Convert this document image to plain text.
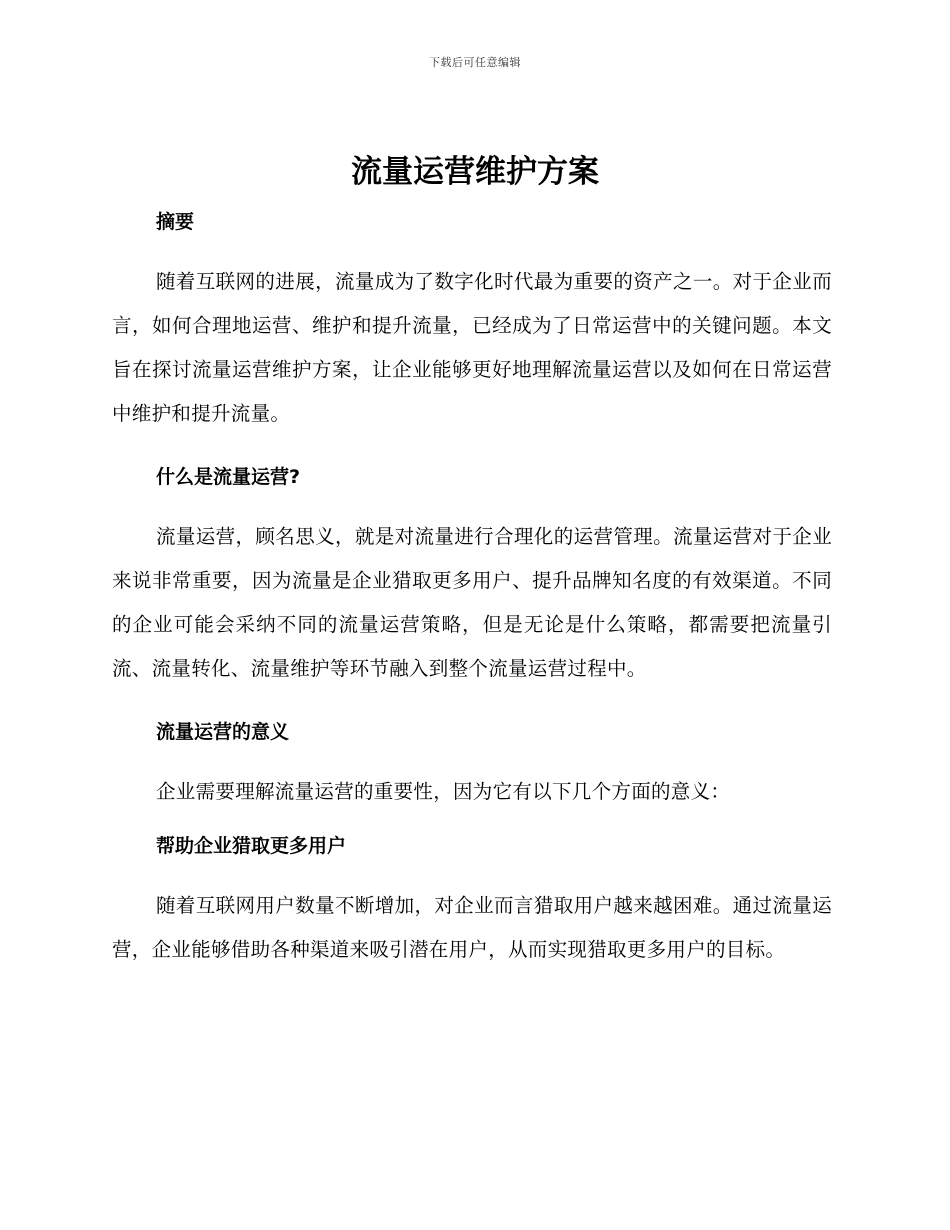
下载后可任意编辑
流量运营维护方案
摘要

随着互联网的进展，流量成为了数字化时代最为重要的资产之一。对于企业而言，如何合理地运营、维护和提升流量，已经成为了日常运营中的关键问题。本文旨在探讨流量运营维护方案，让企业能够更好地理解流量运营以及如何在日常运营中维护和提升流量。

什么是流量运营?

流量运营，顾名思义，就是对流量进行合理化的运营管理。流量运营对于企业来说非常重要，因为流量是企业猎取更多用户、提升品牌知名度的有效渠道。不同的企业可能会采纳不同的流量运营策略，但是无论是什么策略，都需要把流量引流、流量转化、流量维护等环节融入到整个流量运营过程中。

流量运营的意义

企业需要理解流量运营的重要性，因为它有以下几个方面的意义：

帮助企业猎取更多用户

随着互联网用户数量不断增加，对企业而言猎取用户越来越困难。通过流量运营，企业能够借助各种渠道来吸引潜在用户，从而实现猎取更多用户的目标。
